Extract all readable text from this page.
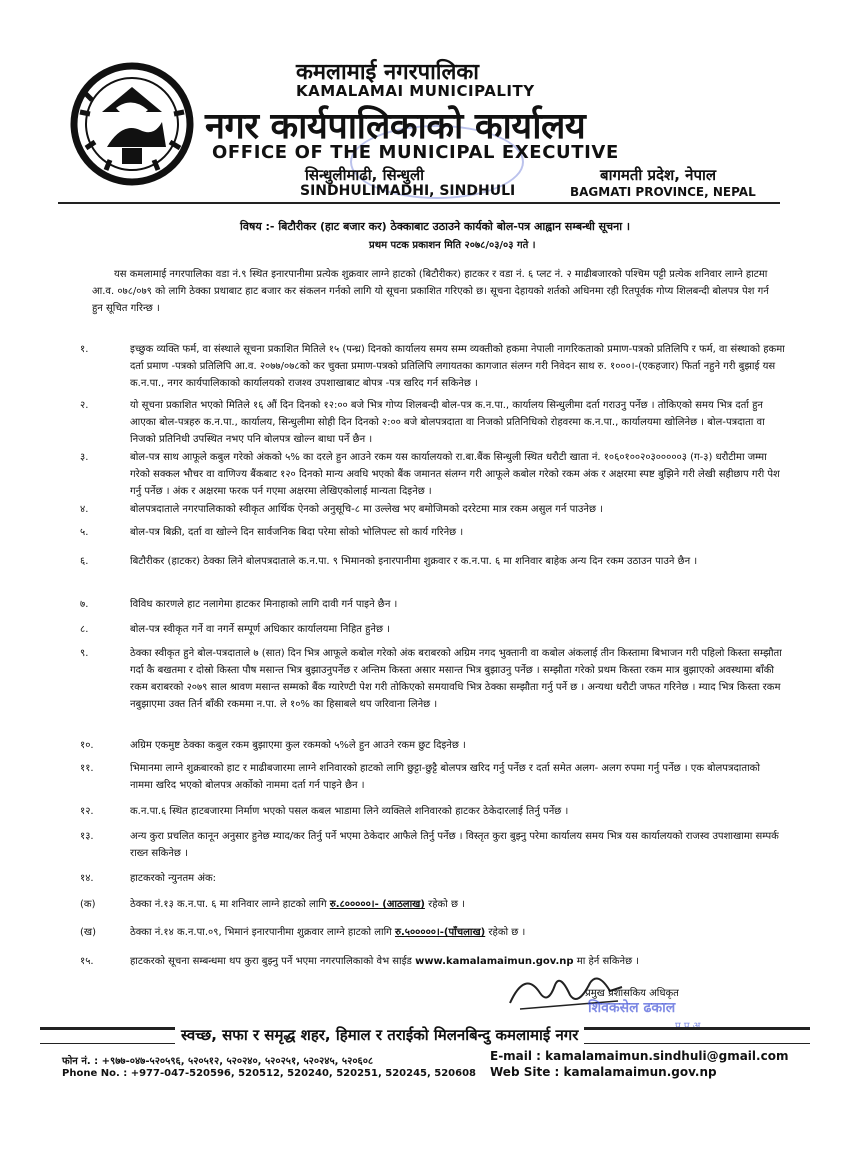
कमलामाई नगरपालिका
KAMALAMAI MUNICIPALITY
नगर कार्यपालिकाको कार्यालय
OFFICE OF THE MUNICIPAL EXECUTIVE
सिन्धुलीमाढी, सिन्धुली
SINDHULIMADHI, SINDHULI
बागमती प्रदेश, नेपाल
BAGMATI PROVINCE, NEPAL
विषय :- बिटौरीकर (हाट बजार कर) ठेक्काबाट उठाउने कार्यको बोल-पत्र आह्वान सम्बन्धी सूचना ।
प्रथम पटक प्रकाशन मिति २०७८/०३/०३ गते ।
यस कमलामाई नगरपालिका वडा नं.९ स्थित इनारपानीमा प्रत्येक शुक्रवार लाग्ने हाटको (बिटौरीकर) हाटकर र वडा नं. ६ प्लट नं. २ माढीबजारको पश्चिम पट्टी प्रत्येक शनिवार लाग्ने हाटमा आ.व. ०७८/०७९ को लागि ठेक्का प्रथाबाट हाट बजार कर संकलन गर्नको लागि यो सूचना प्रकाशित गरिएको छ। सूचना देहायको शर्तको अधिनमा रही रितपूर्वक गोप्य शिलबन्दी बोलपत्र पेश गर्न हुन सूचित गरिन्छ ।
१.	इच्छुक व्यक्ति फर्म, वा संस्थाले सूचना प्रकाशित मितिले १५ (पन्ध्र) दिनको कार्यालय समय सम्म व्यक्तीको हकमा नेपाली नागरिकताको प्रमाण-पत्रको प्रतिलिपि र फर्म, वा संस्थाको हकमा दर्ता प्रमाण -पत्रको प्रतिलिपि आ.व. २०७७/०७८को कर चुक्ता प्रमाण-पत्रको प्रतिलिपि लगायतका कागजात संलग्न गरी निवेदन साथ रु. १०००।-(एकहजार) फिर्ता नहुने गरी बुझाई यस क.न.पा., नगर कार्यपालिकाको कार्यालयको राजश्व उपशाखाबाट बोपत्र -पत्र खरिद गर्न सकिनेछ ।
२.	यो सूचना प्रकाशित भएको मितिले १६ औं दिन दिनको १२:०० बजे भित्र गोप्य शिलबन्दी बोल-पत्र क.न.पा., कार्यालय सिन्धुलीमा दर्ता गराउनु पर्नेछ । तोकिएको समय भित्र दर्ता हुन आएका बोल-पत्रहरु क.न.पा., कार्यालय, सिन्धुलीमा सोही दिन दिनको २:०० बजे बोलपत्रदाता वा निजको प्रतिनिधिको रोहवरमा क.न.पा., कार्यालयमा खोलिनेछ । बोल-पत्रदाता वा निजको प्रतिनिधी उपस्थित नभए पनि बोलपत्र खोल्न बाधा पर्ने छैन ।
३.	बोल-पत्र साथ आफूले कबुल गरेको अंकको ५% का दरले हुन आउने रकम यस कार्यालयको रा.बा.बैंक सिन्धुली स्थित धरौटी खाता नं. १०६०१००२०३०००००३ (ग-३) धरौटीमा जम्मा गरेको सक्कल भौचर वा वाणिज्य बैंकबाट १२० दिनको मान्य अवधि भएको बैंक जमानत संलग्न गरी आफूले कबोल गरेको रकम अंक र अक्षरमा स्पष्ट बुझिने गरी लेखी सहीछाप गरी पेश गर्नु पर्नेछ । अंक र अक्षरमा फरक पर्न गएमा अक्षरमा लेखिएकोलाई मान्यता दिइनेछ ।
४.	बोलपत्रदाताले नगरपालिकाको स्वीकृत आर्थिक ऐनको अनुसूचि-८ मा उल्लेख भए बमोजिमको दररेटमा मात्र रकम असुल गर्न पाउनेछ ।
५.	बोल-पत्र बिक्री, दर्ता वा खोल्ने दिन सार्वजनिक बिदा परेमा सोको भोलिपल्ट सो कार्य गरिनेछ ।
६.	बिटौरीकर (हाटकर) ठेक्का लिने बोलपत्रदाताले क.न.पा. ९ भिमानको इनारपानीमा शुक्रवार र क.न.पा. ६ मा शनिवार बाहेक अन्य दिन रकम उठाउन पाउने छैन ।
७.	विविध कारणले हाट नलागेमा हाटकर मिनाहाको लागि दावी गर्न पाइने छैन ।
८.	बोल-पत्र स्वीकृत गर्ने वा नगर्ने सम्पूर्ण अधिकार कार्यालयमा निहित हुनेछ ।
९.	ठेक्का स्वीकृत हुने बोल-पत्रदाताले ७ (सात) दिन भित्र आफूले कबोल गरेको अंक बराबरको अग्रिम नगद भुक्तानी वा कबोल अंकलाई तीन किस्तामा बिभाजन गरी पहिलो किस्ता सम्झौता गर्दा कै बखतमा र दोस्रो किस्ता पौष मसान्त भित्र बुझाउनुपर्नेछ र अन्तिम किस्ता असार मसान्त भित्र बुझाउनु पर्नेछ । सम्झौता गरेको प्रथम किस्ता रकम मात्र बुझाएको अवस्थामा बाँकी रकम बराबरको २०७९ साल श्रावण मसान्त सम्मको बैंक ग्यारेण्टी पेश गरी तोकिएको समयावधि भित्र ठेक्का सम्झौता गर्नु पर्ने छ । अन्यथा धरौटी जफत गरिनेछ । म्याद भित्र किस्ता रकम नबुझाएमा उक्त तिर्न बाँकी रकममा न.पा. ले १०% का हिसाबले थप जरिवाना लिनेछ ।
१०.	अग्रिम एकमुष्ट ठेक्का कबुल रकम बुझाएमा कुल रकमको ५%ले हुन आउने रकम छुट दिइनेछ ।
११.	भिमानमा लाग्ने शुक्रबारको हाट र माढीबजारमा लाग्ने शनिवारको हाटको लागि छुट्टा-छुट्टै बोलपत्र खरिद गर्नु पर्नेछ र दर्ता समेत अलग- अलग रुपमा गर्नु पर्नेछ । एक बोलपत्रदाताको नाममा खरिद भएको बोलपत्र अर्कोको नाममा दर्ता गर्न पाइने छैन ।
१२.	क.न.पा.६ स्थित हाटबजारमा निर्माण भएको पसल कबल भाडामा लिने व्यक्तिले शनिवारको हाटकर ठेकेदारलाई तिर्नु पर्नेछ ।
१३.	अन्य कुरा प्रचलित कानून अनुसार हुनेछ म्याद/कर तिर्नु पर्ने भएमा ठेकेदार आफैले तिर्नु पर्नेछ । विस्तृत कुरा बुझ्नु परेमा कार्यालय समय भित्र यस कार्यालयको राजस्व उपशाखामा सम्पर्क राख्न सकिनेछ ।
१४.	हाटकरको न्युनतम अंक:
(क)	ठेक्का नं.१३ क.न.पा. ६ मा शनिवार लाग्ने हाटको लागि रु.८०००००।- (आठलाख) रहेको छ ।
(ख)	ठेक्का नं.१४ क.न.पा.०९, भिमानं इनारपानीमा शुक्रवार लाग्ने हाटको लागि रु.५०००००।-(पाँचलाख) रहेको छ ।
१५.	हाटकरको सूचना सम्बन्धमा थप कुरा बुझ्नु पर्ने भएमा नगरपालिकाको वेभ साईड www.kamalamaimun.gov.np मा हेर्न सकिनेछ ।
प्रमुख प्रशासकिय अधिकृत
शिवकसेल ढकाल
स्वच्छ, सफा र समृद्ध शहर, हिमाल र तराईको मिलनबिन्दु कमलामाई नगर
फोन नं. : +९७७-०४७-५२०५९६, ५२०५१२, ५२०२४०, ५२०२५१, ५२०२४५, ५२०६०८
Phone No. : +977-047-520596, 520512, 520240, 520251, 520245, 520608
E-mail : kamalamaimun.sindhuli@gmail.com
Web Site : kamalamaimun.gov.np
